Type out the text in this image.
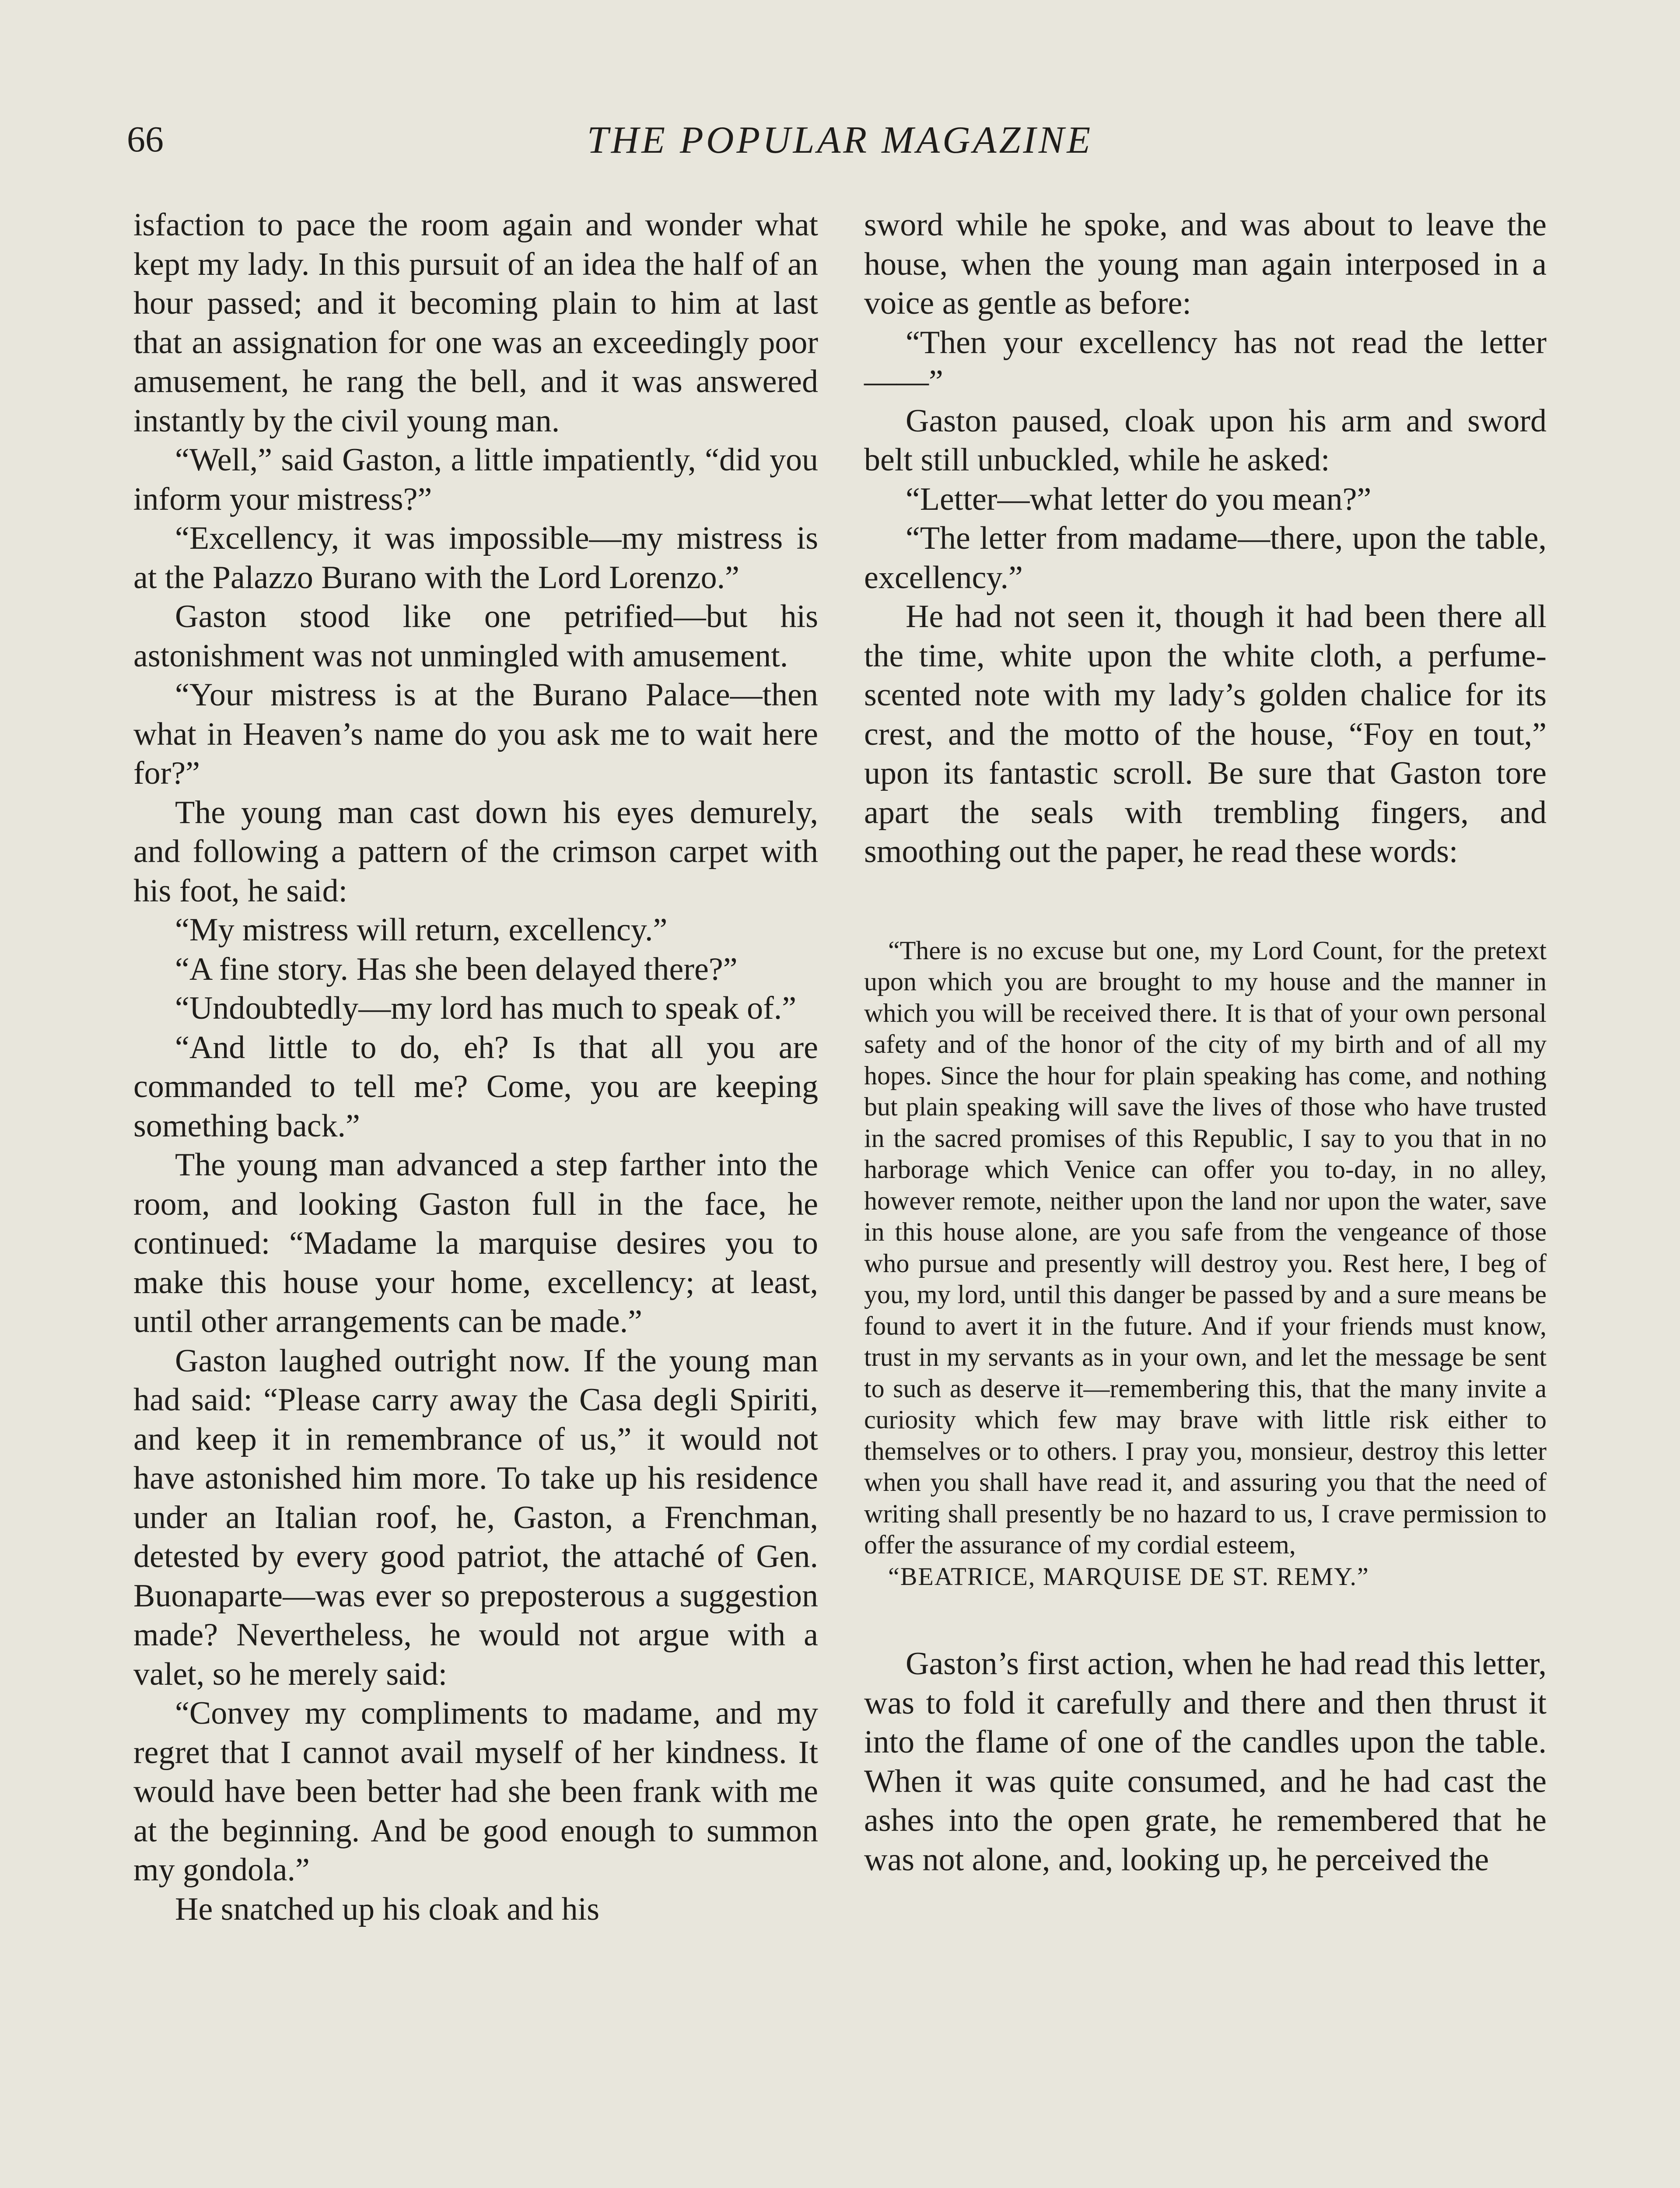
66	THE POPULAR MAGAZINE

isfaction to pace the room again and wonder what kept my lady. In this pursuit of an idea the half of an hour passed; and it becoming plain to him at last that an assignation for one was an exceedingly poor amusement, he rang the bell, and it was answered instantly by the civil young man.

“Well,” said Gaston, a little impatiently, “did you inform your mistress?”

“Excellency, it was impossible—my mistress is at the Palazzo Burano with the Lord Lorenzo.”

Gaston stood like one petrified—but his astonishment was not unmingled with amusement.

“Your mistress is at the Burano Palace—then what in Heaven’s name do you ask me to wait here for?”

The young man cast down his eyes demurely, and following a pattern of the crimson carpet with his foot, he said:

“My mistress will return, excellency.”

“A fine story. Has she been delayed there?”

“Undoubtedly—my lord has much to speak of.”

“And little to do, eh? Is that all you are commanded to tell me? Come, you are keeping something back.”

The young man advanced a step farther into the room, and looking Gaston full in the face, he continued: “Madame la marquise desires you to make this house your home, excellency; at least, until other arrangements can be made.”

Gaston laughed outright now. If the young man had said: “Please carry away the Casa degli Spiriti, and keep it in remembrance of us,” it would not have astonished him more. To take up his residence under an Italian roof, he, Gaston, a Frenchman, detested by every good patriot, the attaché of Gen. Buonaparte—was ever so preposterous a suggestion made? Nevertheless, he would not argue with a valet, so he merely said:

“Convey my compliments to madame, and my regret that I cannot avail myself of her kindness. It would have been better had she been frank with me at the beginning. And be good enough to summon my gondola.”

He snatched up his cloak and his

sword while he spoke, and was about to leave the house, when the young man again interposed in a voice as gentle as before:

“Then your excellency has not read the letter——”

Gaston paused, cloak upon his arm and sword belt still unbuckled, while he asked:

“Letter—what letter do you mean?”

“The letter from madame—there, upon the table, excellency.”

He had not seen it, though it had been there all the time, white upon the white cloth, a perfume-scented note with my lady’s golden chalice for its crest, and the motto of the house, “Foy en tout,” upon its fantastic scroll. Be sure that Gaston tore apart the seals with trembling fingers, and smoothing out the paper, he read these words:

“There is no excuse but one, my Lord Count, for the pretext upon which you are brought to my house and the manner in which you will be received there. It is that of your own personal safety and of the honor of the city of my birth and of all my hopes. Since the hour for plain speaking has come, and nothing but plain speaking will save the lives of those who have trusted in the sacred promises of this Republic, I say to you that in no harborage which Venice can offer you to-day, in no alley, however remote, neither upon the land nor upon the water, save in this house alone, are you safe from the vengeance of those who pursue and presently will destroy you. Rest here, I beg of you, my lord, until this danger be passed by and a sure means be found to avert it in the future. And if your friends must know, trust in my servants as in your own, and let the message be sent to such as deserve it—remembering this, that the many invite a curiosity which few may brave with little risk either to themselves or to others. I pray you, monsieur, destroy this letter when you shall have read it, and assuring you that the need of writing shall presently be no hazard to us, I crave permission to offer the assurance of my cordial esteem,

“BEATRICE, MARQUISE DE ST. REMY.”

Gaston’s first action, when he had read this letter, was to fold it carefully and there and then thrust it into the flame of one of the candles upon the table. When it was quite consumed, and he had cast the ashes into the open grate, he remembered that he was not alone, and, looking up, he perceived the
